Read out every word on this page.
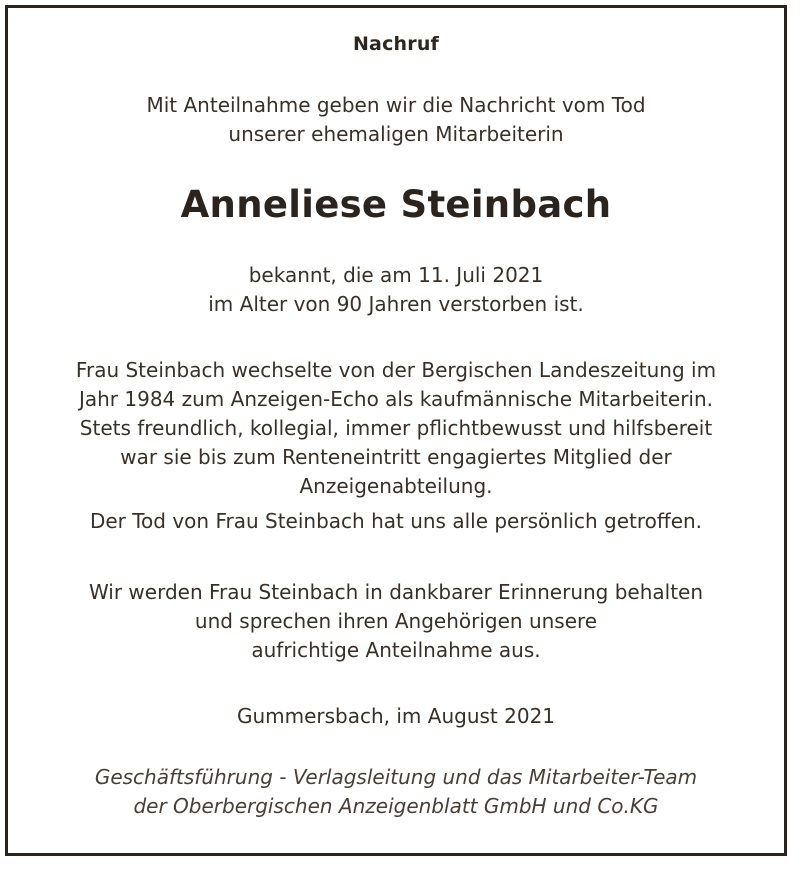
Nachruf
Mit Anteilnahme geben wir die Nachricht vom Tod
unserer ehemaligen Mitarbeiterin
Anneliese Steinbach
bekannt, die am 11. Juli 2021
im Alter von 90 Jahren verstorben ist.
Frau Steinbach wechselte von der Bergischen Landeszeitung im
Jahr 1984 zum Anzeigen-Echo als kaufmännische Mitarbeiterin.
Stets freundlich, kollegial, immer pflichtbewusst und hilfsbereit
war sie bis zum Renteneintritt engagiertes Mitglied der
Anzeigenabteilung.
Der Tod von Frau Steinbach hat uns alle persönlich getroffen.
Wir werden Frau Steinbach in dankbarer Erinnerung behalten
und sprechen ihren Angehörigen unsere
aufrichtige Anteilnahme aus.
Gummersbach, im August 2021
Geschäftsführung - Verlagsleitung und das Mitarbeiter-Team
der Oberbergischen Anzeigenblatt GmbH und Co.KG
